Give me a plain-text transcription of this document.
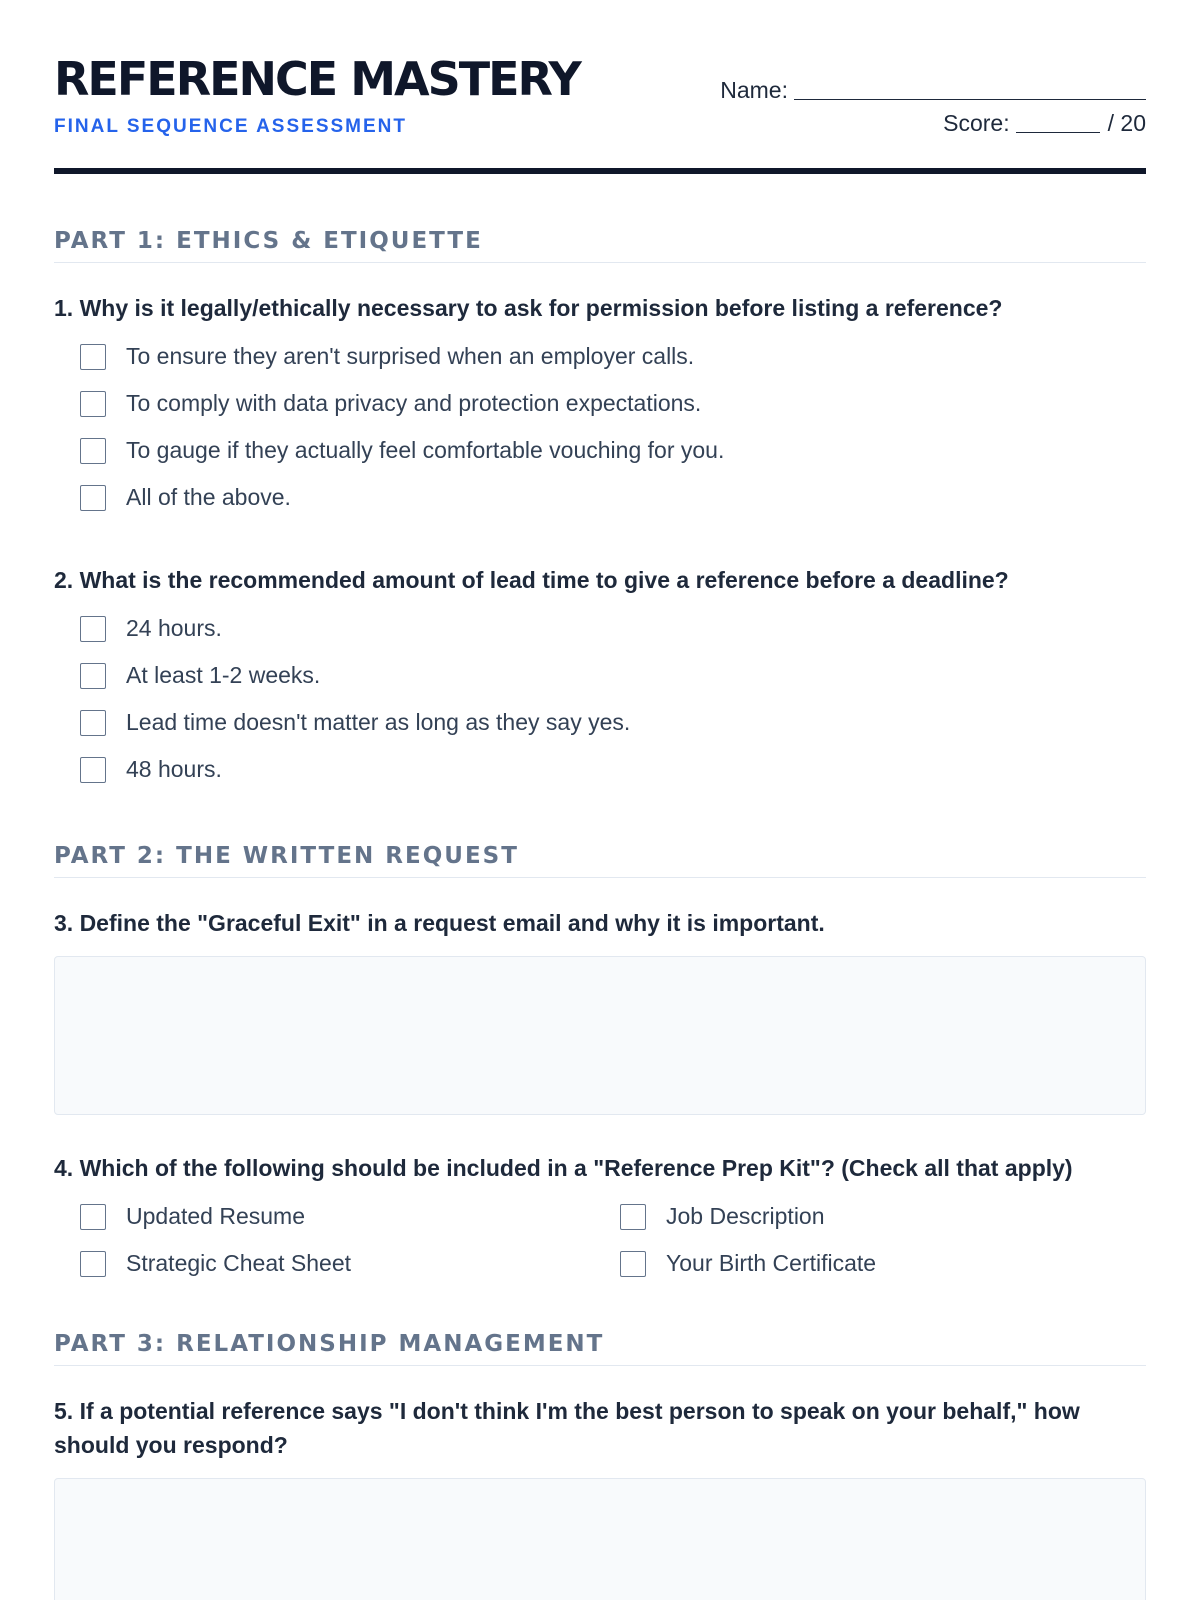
REFERENCE MASTERY
FINAL SEQUENCE ASSESSMENT
Name:
Score:	/ 20
PART 1: ETHICS & ETIQUETTE
1. Why is it legally/ethically necessary to ask for permission before listing a reference?
To ensure they aren't surprised when an employer calls.
To comply with data privacy and protection expectations.
To gauge if they actually feel comfortable vouching for you.
All of the above.
2. What is the recommended amount of lead time to give a reference before a deadline?
24 hours.
At least 1-2 weeks.
Lead time doesn't matter as long as they say yes.
48 hours.
PART 2: THE WRITTEN REQUEST
3. Define the "Graceful Exit" in a request email and why it is important.
4. Which of the following should be included in a "Reference Prep Kit"? (Check all that apply)
Updated Resume	Job Description
Strategic Cheat Sheet	Your Birth Certificate
PART 3: RELATIONSHIP MANAGEMENT
5. If a potential reference says "I don't think I'm the best person to speak on your behalf," how should you respond?
